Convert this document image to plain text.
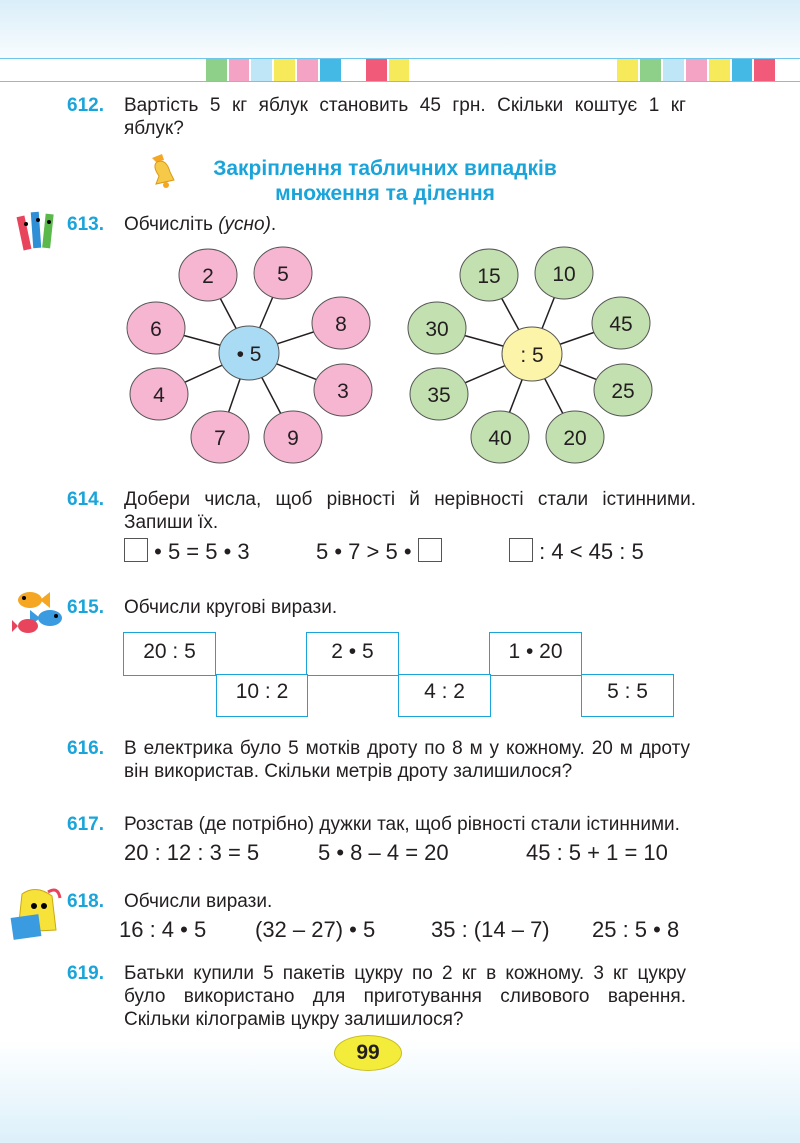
612. Вартість 5 кг яблук становить 45 грн. Скільки коштує 1 кг яблук?
Закріплення табличних випадків
множення та ділення
613. Обчисліть (усно).
2	5
8
3
9
7
4
6
• 5
15 10
45
25
20
40
35
30
: 5
614. Добери числа, щоб рівності й нерівності стали істинними. Запиши їх.
• 5 = 5 • 3	5 • 7 > 5 •	: 4 < 45 : 5
615. Обчисли кругові вирази.
20 : 5	2 • 5	1 • 20
10 : 2	4 : 2	5 : 5
616. В електрика було 5 мотків дроту по 8 м у кожному. 20 м дроту він використав. Скільки метрів дроту залишилося?
617. Розстав (де потрібно) дужки так, щоб рівності стали істинними.
20 : 12 : 3 = 5	5 • 8 – 4 = 20	45 : 5 + 1 = 10
618. Обчисли вирази.
16 : 4 • 5 (32 – 27) • 5	35 : (14 – 7) 25 : 5 • 8
619. Батьки купили 5 пакетів цукру по 2 кг в кожному. 3 кг цукру було використано для приготування сливового варення. Скільки кілограмів цукру залишилося?
99
